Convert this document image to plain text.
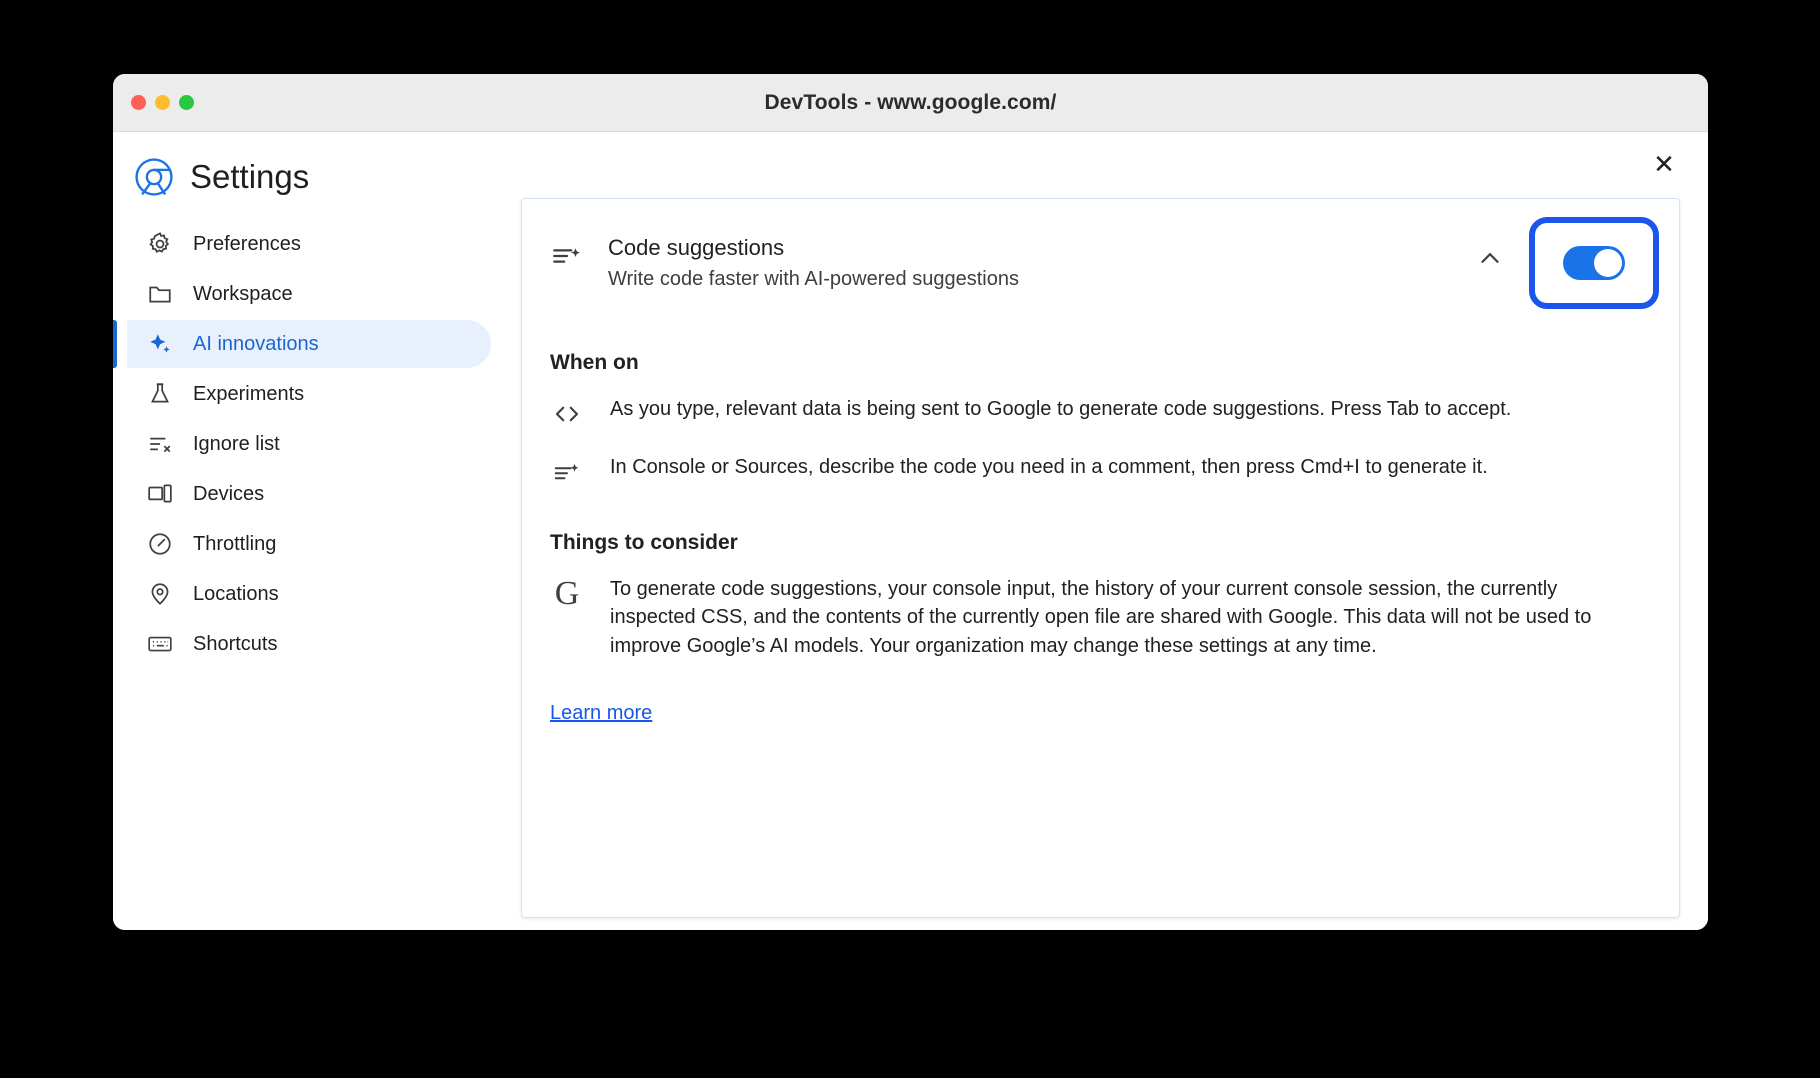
DevTools - www.google.com/
Settings
Preferences
Workspace
AI innovations
Experiments
Ignore list
Devices
Throttling
Locations
Shortcuts
✕
Code suggestions
Write code faster with AI-powered suggestions
When on
As you type, relevant data is being sent to Google to generate code suggestions. Press Tab to accept.
In Console or Sources, describe the code you need in a comment, then press Cmd+I to generate it.
Things to consider
G To generate code suggestions, your console input, the history of your current console session, the currently inspected CSS, and the contents of the currently open file are shared with Google. This data will not be used to improve Google’s AI models. Your organization may change these settings at any time.
Learn more
